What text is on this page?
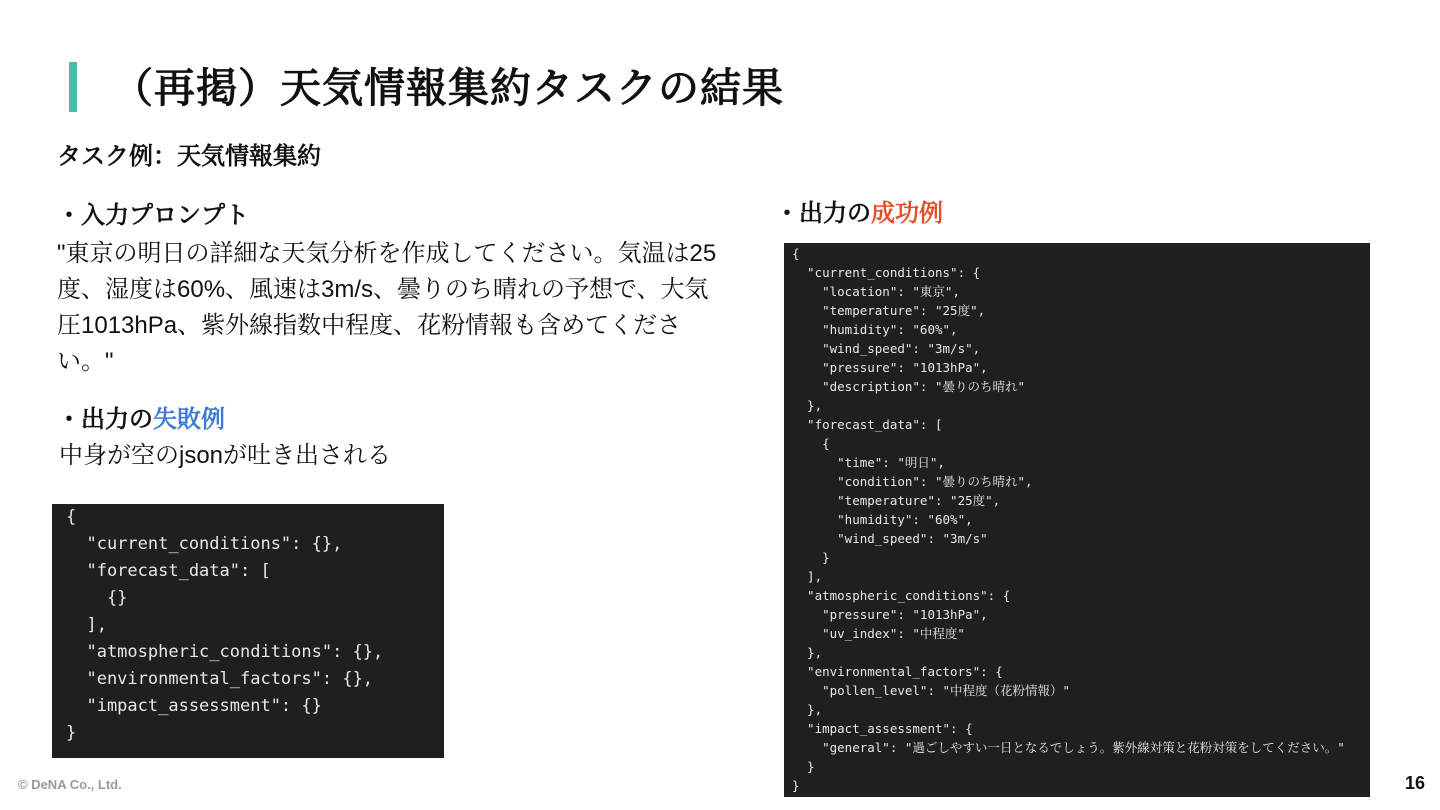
（再掲）天気情報集約タスクの結果
タスク例：天気情報集約
・入力プロンプト
"東京の明日の詳細な天気分析を作成してください。気温は25度、湿度は60%、風速は3m/s、曇りのち晴れの予想で、大気圧1013hPa、紫外線指数中程度、花粉情報も含めてください。"
・出力の失敗例
中身が空のjsonが吐き出される
{
"current_conditions": {},
"forecast_data": [
{}
],
"atmospheric_conditions": {},
"environmental_factors": {},
"impact_assessment": {}
}
・出力の成功例
{
"current_conditions": {
"location": "東京",
"temperature": "25度",
"humidity": "60%",
"wind_speed": "3m/s",
"pressure": "1013hPa",
"description": "曇りのち晴れ"
},
"forecast_data": [
{
"time": "明日",
"condition": "曇りのち晴れ",
"temperature": "25度",
"humidity": "60%",
"wind_speed": "3m/s"
}
],
"atmospheric_conditions": {
"pressure": "1013hPa",
"uv_index": "中程度"
},
"environmental_factors": {
"pollen_level": "中程度（花粉情報）"
},
"impact_assessment": {
"general": "過ごしやすい一日となるでしょう。紫外線対策と花粉対策をしてください。"
}
}
© DeNA Co., Ltd.	16
